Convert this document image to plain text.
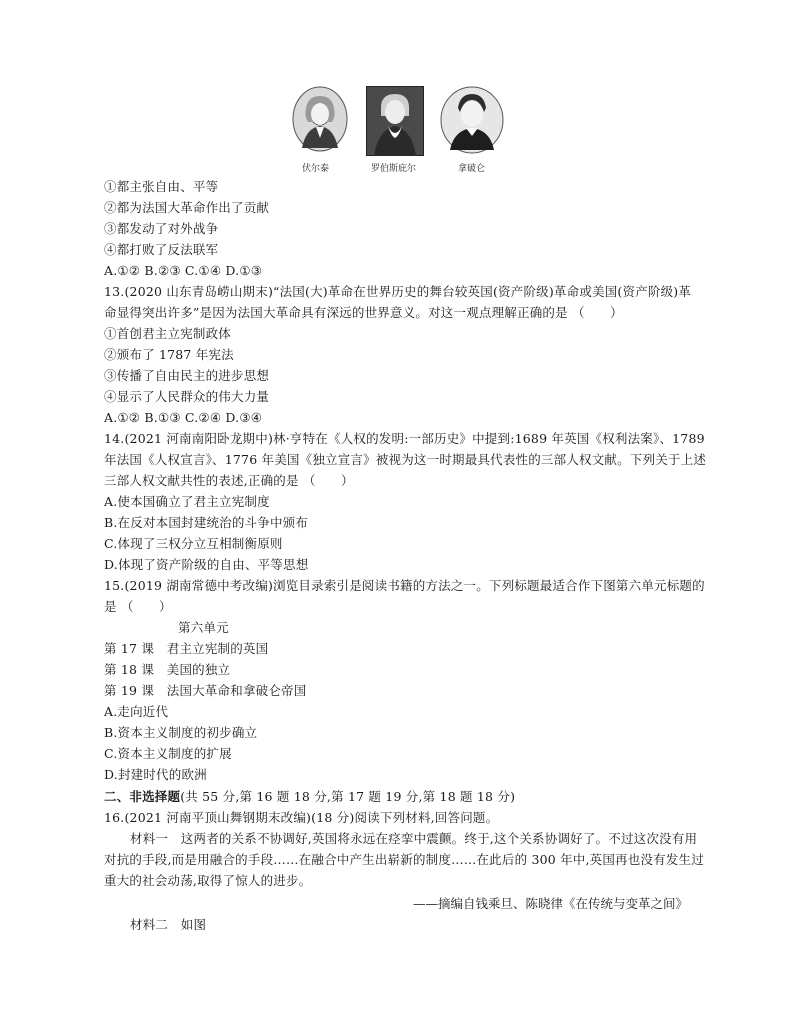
伏尔泰	罗伯斯庇尔	拿破仑
①都主张自由、平等
②都为法国大革命作出了贡献
③都发动了对外战争
④都打败了反法联军
A.①② B.②③ C.①④ D.①③
13.(2020 山东青岛崂山期末)“法国(大)革命在世界历史的舞台较英国(资产阶级)革命或美国(资产阶级)革
命显得突出许多”是因为法国大革命具有深远的世界意义。对这一观点理解正确的是 （　　）
①首创君主立宪制政体
②颁布了 1787 年宪法
③传播了自由民主的进步思想
④显示了人民群众的伟大力量
A.①② B.①③ C.②④ D.③④
14.(2021 河南南阳卧龙期中)林·亨特在《人权的发明:一部历史》中提到:1689 年英国《权利法案》、1789
年法国《人权宣言》、1776 年美国《独立宣言》被视为这一时期最具代表性的三部人权文献。下列关于上述
三部人权文献共性的表述,正确的是 （　　）
A.使本国确立了君主立宪制度
B.在反对本国封建统治的斗争中颁布
C.体现了三权分立互相制衡原则
D.体现了资产阶级的自由、平等思想
15.(2019 湖南常德中考改编)浏览目录索引是阅读书籍的方法之一。下列标题最适合作下图第六单元标题的
是 （　　）
第六单元
第 17 课　君主立宪制的英国
第 18 课　美国的独立
第 19 课　法国大革命和拿破仑帝国
A.走向近代
B.资本主义制度的初步确立
C.资本主义制度的扩展
D.封建时代的欧洲
二、非选择题(共 55 分,第 16 题 18 分,第 17 题 19 分,第 18 题 18 分)
16.(2021 河南平顶山舞钢期末改编)(18 分)阅读下列材料,回答问题。
材料一　这两者的关系不协调好,英国将永远在痉挛中震颤。终于,这个关系协调好了。不过这次没有用
对抗的手段,而是用融合的手段……在融合中产生出崭新的制度……在此后的 300 年中,英国再也没有发生过
重大的社会动荡,取得了惊人的进步。
——摘编自钱乘旦、陈晓律《在传统与变革之间》
材料二　如图
